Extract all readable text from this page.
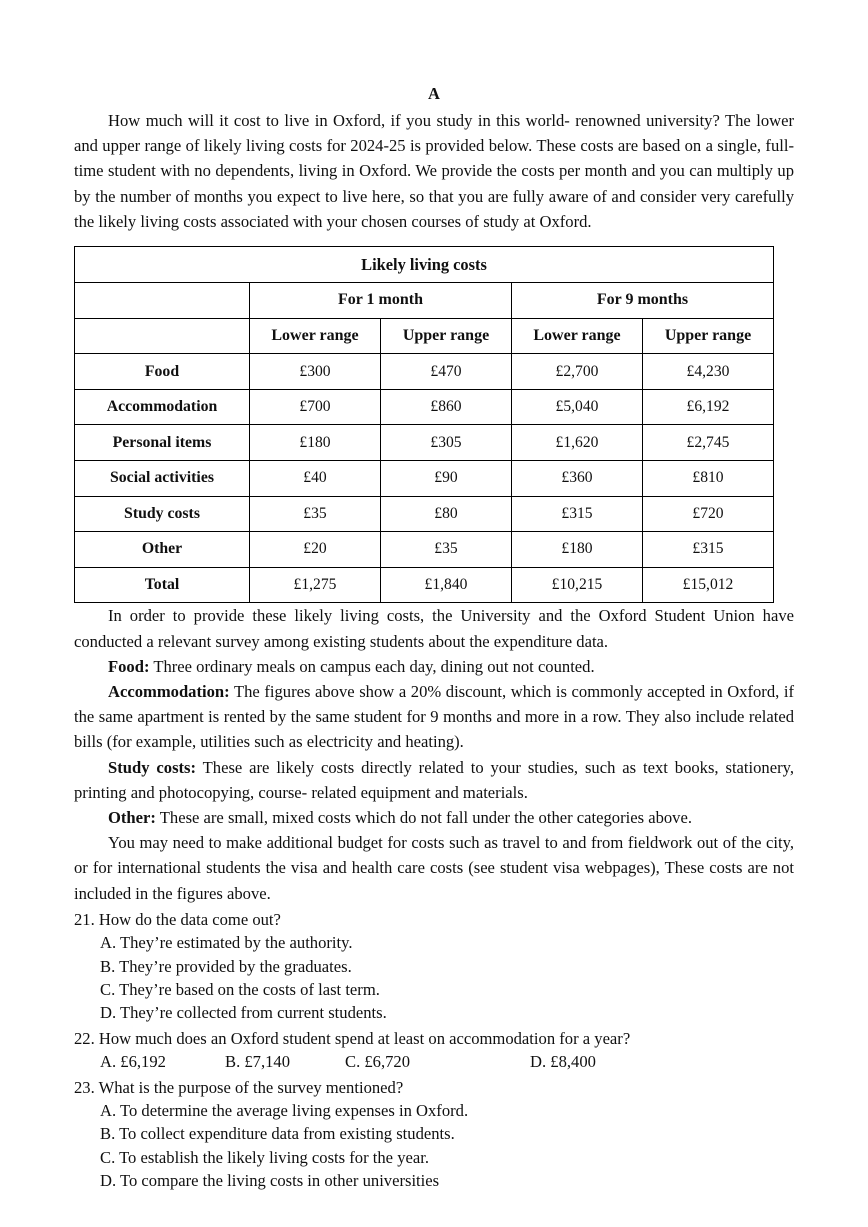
A

How much will it cost to live in Oxford, if you study in this world- renowned university? The lower and upper range of likely living costs for 2024-25 is provided below. These costs are based on a single, full-time student with no dependents, living in Oxford. We provide the costs per month and you can multiply up by the number of months you expect to live here, so that you are fully aware of and consider very carefully the likely living costs associated with your chosen courses of study at Oxford.

Likely living costs				
	For 1 month		For 9 months	
	Lower range	Upper range	Lower range	Upper range
Food	£300	£470	£2,700	£4,230
Accommodation	£700	£860	£5,040	£6,192
Personal items	£180	£305	£1,620	£2,745
Social activities	£40	£90	£360	£810
Study costs	£35	£80	£315	£720
Other	£20	£35	£180	£315
Total	£1,275	£1,840	£10,215	£15,012

In order to provide these likely living costs, the University and the Oxford Student Union have conducted a relevant survey among existing students about the expenditure data.

Food: Three ordinary meals on campus each day, dining out not counted.

Accommodation: The figures above show a 20% discount, which is commonly accepted in Oxford, if the same apartment is rented by the same student for 9 months and more in a row. They also include related bills (for example, utilities such as electricity and heating).

Study costs: These are likely costs directly related to your studies, such as text books, stationery, printing and photocopying, course- related equipment and materials.

Other: These are small, mixed costs which do not fall under the other categories above.

You may need to make additional budget for costs such as travel to and from fieldwork out of the city, or for international students the visa and health care costs (see student visa webpages), These costs are not included in the figures above.

21. How do the data come out?

A. They’re estimated by the authority.

B. They’re provided by the graduates.

C. They’re based on the costs of last term.

D. They’re collected from current students.

22. How much does an Oxford student spend at least on accommodation for a year?

A. £6,192	B. £7,140	C. £6,720	D. £8,400

23. What is the purpose of the survey mentioned?

A. To determine the average living expenses in Oxford.

B. To collect expenditure data from existing students.

C. To establish the likely living costs for the year.

D. To compare the living costs in other universities
